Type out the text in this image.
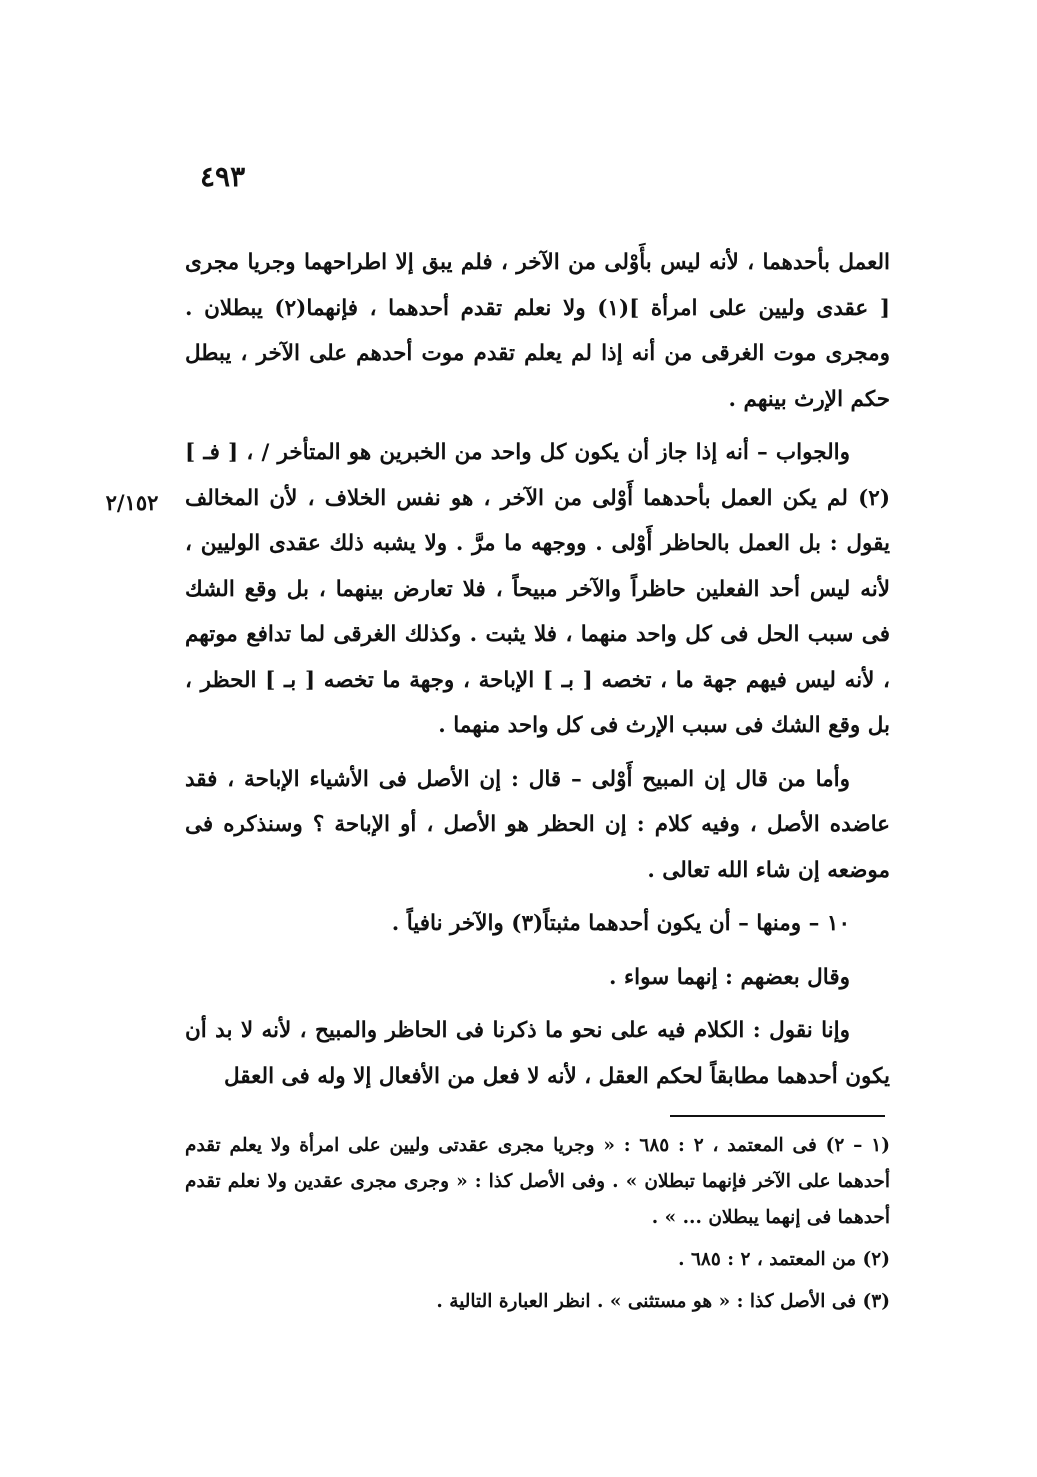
٤٩٣
٢/١٥٢

العمل بأحدهما ، لأنه ليس بأَوْلى من الآخر ، فلم يبق إلا اطراحهما وجريا مجرى [ عقدى وليين على امرأة ](١) ولا نعلم تقدم أحدهما ، فإنهما(٢) يبطلان . ومجرى موت الغرقى من أنه إذا لم يعلم تقدم موت أحدهم على الآخر ، يبطل حكم الإرث بينهم .

والجواب – أنه إذا جاز أن يكون كل واحد من الخبرين هو المتأخر / ، [ فـ ](٢) لم يكن العمل بأحدهما أَوْلى من الآخر ، هو نفس الخلاف ، لأن المخالف يقول : بل العمل بالحاظر أَوْلى . ووجهه ما مرَّ . ولا يشبه ذلك عقدى الوليين ، لأنه ليس أحد الفعلين حاظراً والآخر مبيحاً ، فلا تعارض بينهما ، بل وقع الشك فى سبب الحل فى كل واحد منهما ، فلا يثبت . وكذلك الغرقى لما تدافع موتهم ، لأنه ليس فيهم جهة ما ، تخصه [ بـ ] الإباحة ، وجهة ما تخصه [ بـ ] الحظر ، بل وقع الشك فى سبب الإرث فى كل واحد منهما .

وأما من قال إن المبيح أَوْلى – قال : إن الأصل فى الأشياء الإباحة ، فقد عاضده الأصل ، وفيه كلام : إن الحظر هو الأصل ، أو الإباحة ؟ وسنذكره فى موضعه إن شاء الله تعالى .

١٠ – ومنها – أن يكون أحدهما مثبتاً(٣) والآخر نافياً .

وقال بعضهم : إنهما سواء .

وإنا نقول : الكلام فيه على نحو ما ذكرنا فى الحاظر والمبيح ، لأنه لا بد أن يكون أحدهما مطابقاً لحكم العقل ، لأنه لا فعل من الأفعال إلا وله فى العقل

(١ – ٢) فى المعتمد ، ٢ : ٦٨٥ : « وجريا مجرى عقدتى وليين على امرأة ولا يعلم تقدم أحدهما على الآخر فإنهما تبطلان » . وفى الأصل كذا : « وجرى مجرى عقدين ولا نعلم تقدم أحدهما فى إنهما يبطلان ... » .

(٢) من المعتمد ، ٢ : ٦٨٥ .

(٣) فى الأصل كذا : « هو مستثنى » . انظر العبارة التالية .
